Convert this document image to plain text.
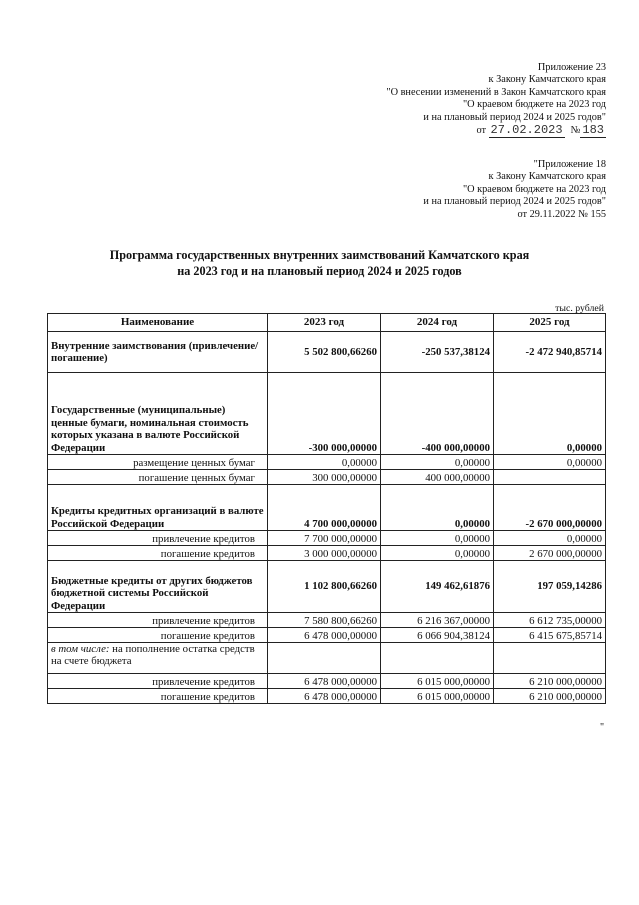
Приложение 23
к Закону Камчатского края
"О внесении изменений в Закон Камчатского края
"О краевом бюджете на 2023 год
и на плановый период 2024 и 2025 годов"
от 27.02.2023 № 183
"Приложение 18
к Закону Камчатского края
"О краевом бюджете на 2023 год
и на плановый период 2024 и 2025 годов"
от 29.11.2022 № 155
Программа государственных внутренних заимствований Камчатского края
на 2023 год и на плановый период 2024 и 2025 годов
тыс. рублей
Наименование	2023 год	2024 год	2025 год
Внутренние заимствования (привлечение/погашение)	5 502 800,66260	-250 537,38124	-2 472 940,85714
Государственные (муниципальные) ценные бумаги, номинальная стоимость которых указана в валюте Российской Федерации	-300 000,00000	-400 000,00000	0,00000
размещение ценных бумаг	0,00000	0,00000	0,00000
погашение ценных бумаг	300 000,00000	400 000,00000	
Кредиты кредитных организаций в валюте Российской Федерации	4 700 000,00000	0,00000	-2 670 000,00000
привлечение кредитов	7 700 000,00000	0,00000	0,00000
погашение кредитов	3 000 000,00000	0,00000	2 670 000,00000
Бюджетные кредиты от других бюджетов бюджетной системы Российской Федерации	1 102 800,66260	149 462,61876	197 059,14286
привлечение кредитов	7 580 800,66260	6 216 367,00000	6 612 735,00000
погашение кредитов	6 478 000,00000	6 066 904,38124	6 415 675,85714
в том числе: на пополнение остатка средств на счете бюджета			
привлечение кредитов	6 478 000,00000	6 015 000,00000	6 210 000,00000
погашение кредитов	6 478 000,00000	6 015 000,00000	6 210 000,00000
"
